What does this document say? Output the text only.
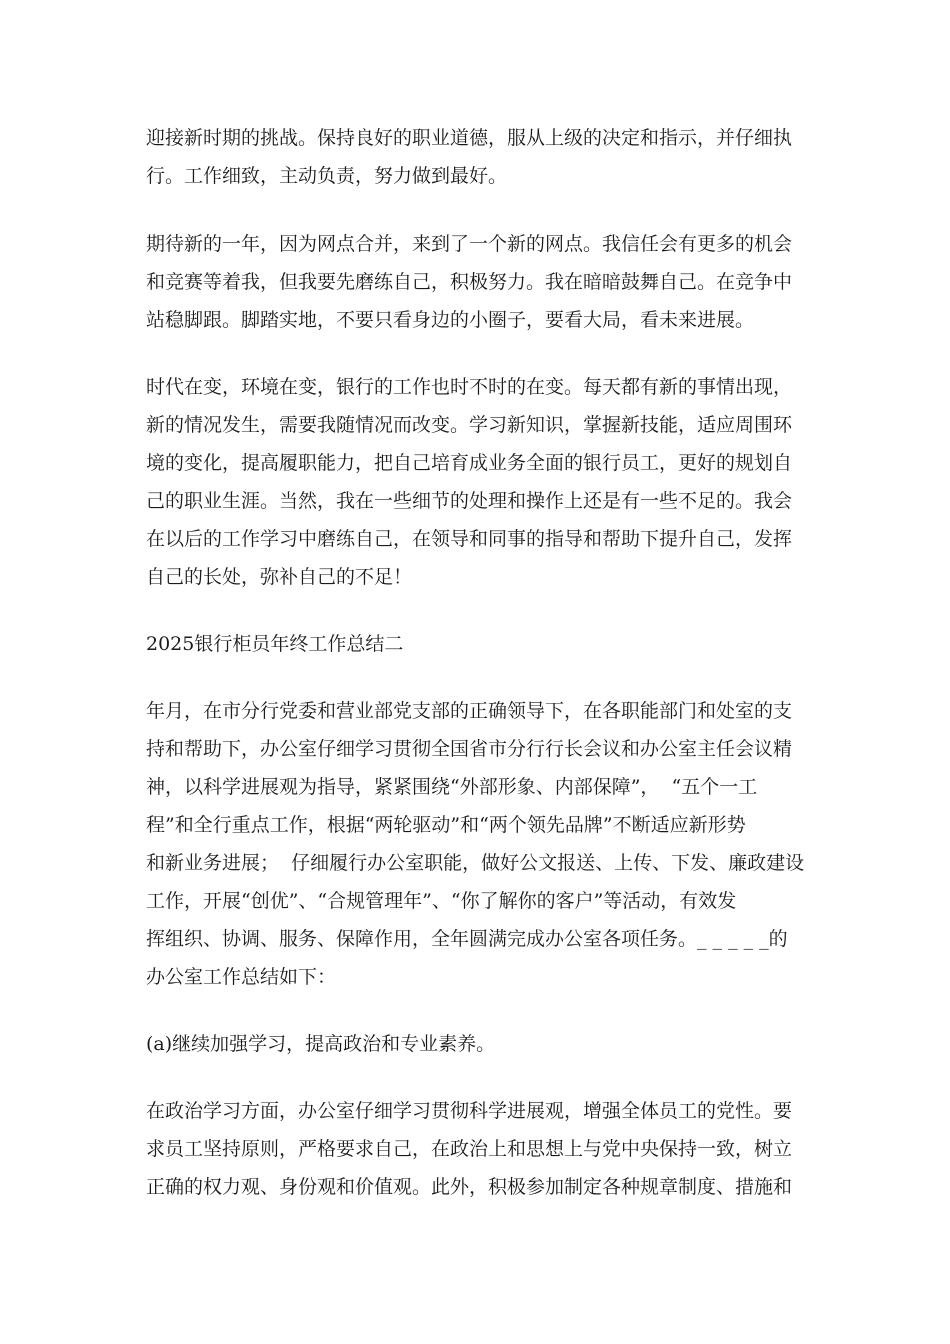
迎接新时期的挑战。保持良好的职业道德，服从上级的决定和指示，并仔细执
行。工作细致，主动负责，努力做到最好。
期待新的一年，因为网点合并，来到了一个新的网点。我信任会有更多的机会
和竞赛等着我，但我要先磨练自己，积极努力。我在暗暗鼓舞自己。在竞争中
站稳脚跟。脚踏实地，不要只看身边的小圈子，要看大局，看未来进展。
时代在变，环境在变，银行的工作也时不时的在变。每天都有新的事情出现，
新的情况发生，需要我随情况而改变。学习新知识，掌握新技能，适应周围环
境的变化，提高履职能力，把自己培育成业务全面的银行员工，更好的规划自
己的职业生涯。当然，我在一些细节的处理和操作上还是有一些不足的。我会
在以后的工作学习中磨练自己，在领导和同事的指导和帮助下提升自己，发挥
自己的长处，弥补自己的不足！
2025银行柜员年终工作总结二
年月，在市分行党委和营业部党支部的正确领导下，在各职能部门和处室的支
持和帮助下，办公室仔细学习贯彻全国省市分行行长会议和办公室主任会议精
神，以科学进展观为指导，紧紧围绕“外部形象、内部保障”，  “五个一工
程”和全行重点工作，根据“两轮驱动”和“两个领先品牌”不断适应新形势
和新业务进展；  仔细履行办公室职能，做好公文报送、上传、下发、廉政建设
工作，开展“创优”、“合规管理年”、“你了解你的客户”等活动，有效发
挥组织、协调、服务、保障作用，全年圆满完成办公室各项任务。_ _ _ _ _的
办公室工作总结如下：
(a)继续加强学习，提高政治和专业素养。
在政治学习方面，办公室仔细学习贯彻科学进展观，增强全体员工的党性。要
求员工坚持原则，严格要求自己，在政治上和思想上与党中央保持一致，树立
正确的权力观、身份观和价值观。此外，积极参加制定各种规章制度、措施和
